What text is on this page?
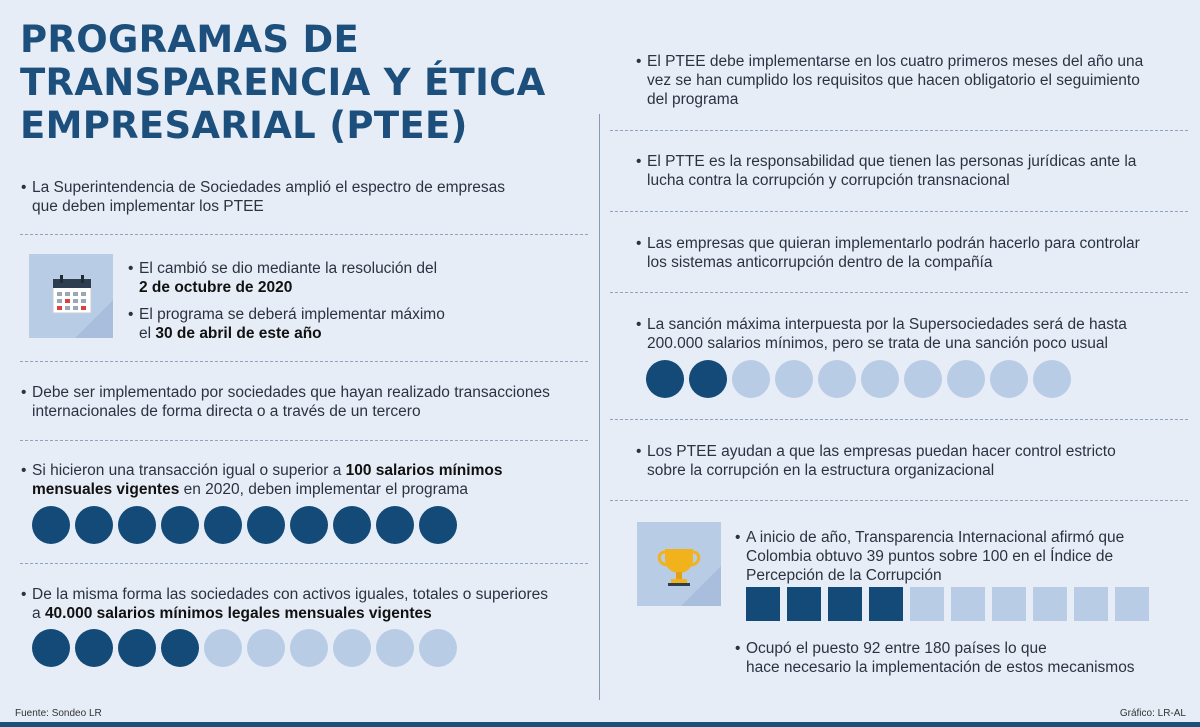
PROGRAMAS DE
TRANSPARENCIA Y ÉTICA
EMPRESARIAL (PTEE)
• La Superintendencia de Sociedades amplió el espectro de empresas
que deben implementar los PTEE
• El cambió se dio mediante la resolución del
2 de octubre de 2020
• El programa se deberá implementar máximo
el 30 de abril de este año
• Debe ser implementado por sociedades que hayan realizado transacciones
internacionales de forma directa o a través de un tercero
• Si hicieron una transacción igual o superior a 100 salarios mínimos
mensuales vigentes en 2020, deben implementar el programa
• De la misma forma las sociedades con activos iguales, totales o superiores
a 40.000 salarios mínimos legales mensuales vigentes
• El PTEE debe implementarse en los cuatro primeros meses del año una
vez se han cumplido los requisitos que hacen obligatorio el seguimiento
del programa
• El PTTE es la responsabilidad que tienen las personas jurídicas ante la
lucha contra la corrupción y corrupción transnacional
• Las empresas que quieran implementarlo podrán hacerlo para controlar
los sistemas anticorrupción dentro de la compañía
• La sanción máxima interpuesta por la Supersociedades será de hasta
200.000 salarios mínimos, pero se trata de una sanción poco usual
• Los PTEE ayudan a que las empresas puedan hacer control estricto
sobre la corrupción en la estructura organizacional
• A inicio de año, Transparencia Internacional afirmó que
Colombia obtuvo 39 puntos sobre 100 en el Índice de
Percepción de la Corrupción
• Ocupó el puesto 92 entre 180 países lo que
hace necesario la implementación de estos mecanismos
Fuente: Sondeo LR	Gráfico: LR-AL
